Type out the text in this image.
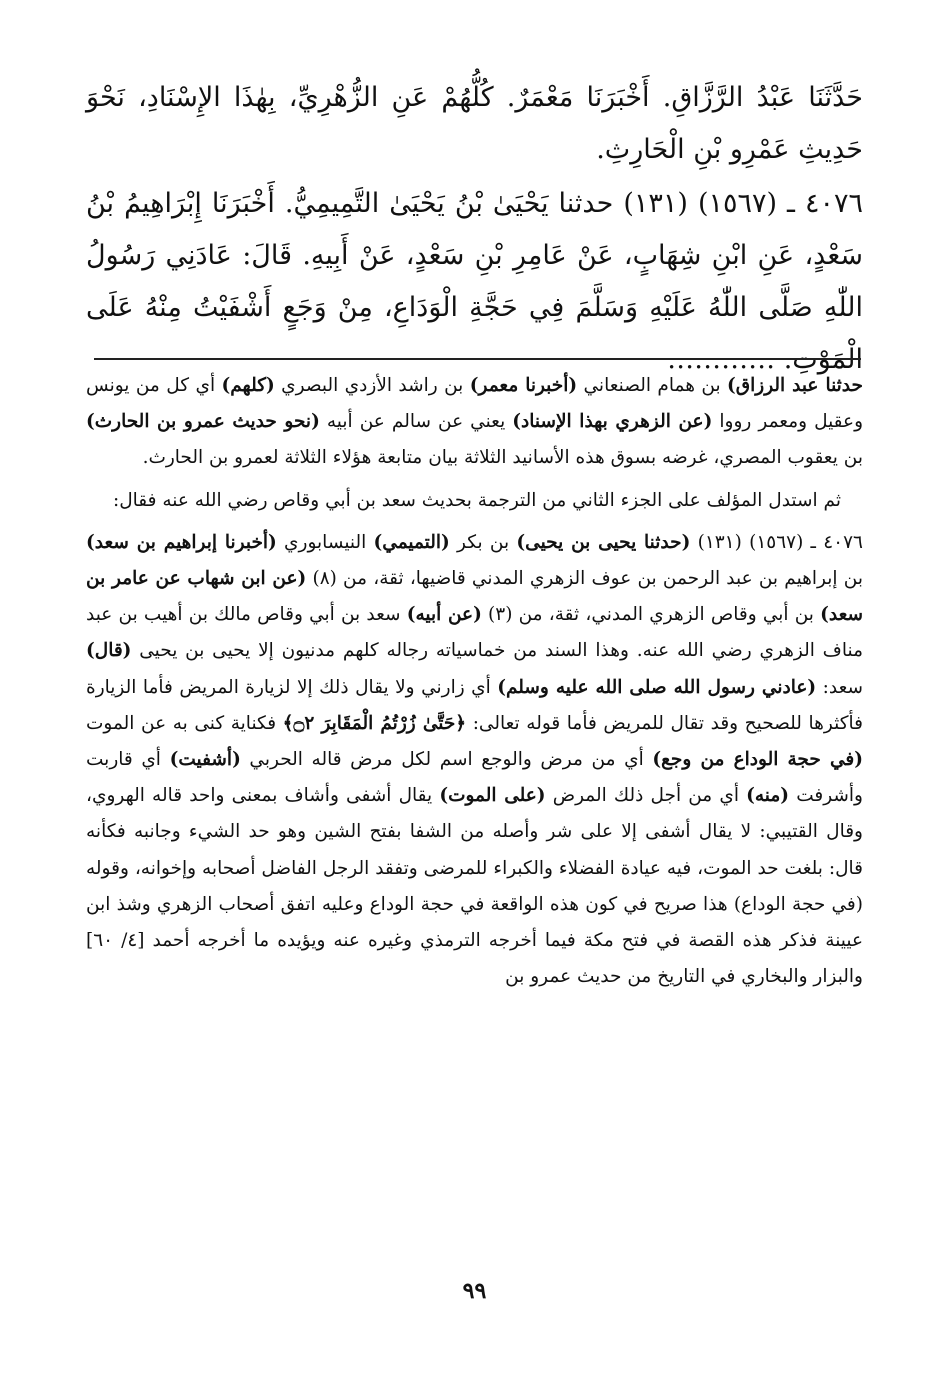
حَدَّثَنَا عَبْدُ الرَّزَّاقِ. أَخْبَرَنَا مَعْمَرٌ. كُلُّهُمْ عَنِ الزُّهْرِيِّ، بِهٰذَا الإِسْنَادِ، نَحْوَ حَدِيثِ عَمْرِو بْنِ الْحَارِثِ.

٤٠٧٦ ـ (١٥٦٧) (١٣١) حدثنا يَحْيَىٰ بْنُ يَحْيَىٰ التَّمِيمِيُّ. أَخْبَرَنَا إِبْرَاهِيمُ بْنُ سَعْدٍ، عَنِ ابْنِ شِهَابٍ، عَنْ عَامِرِ بْنِ سَعْدٍ، عَنْ أَبِيهِ. قَالَ: عَادَنِي رَسُولُ اللّٰهِ صَلَّى اللّٰهُ عَلَيْهِ وَسَلَّمَ فِي حَجَّةِ الْوَدَاعِ، مِنْ وَجَعٍ أَشْفَيْتُ مِنْهُ عَلَى الْمَوْتِ. …………

حدثنا عبد الرزاق) بن همام الصنعاني (أخبرنا معمر) بن راشد الأزدي البصري (كلهم) أي كل من يونس وعقيل ومعمر رووا (عن الزهري بهذا الإسناد) يعني عن سالم عن أبيه (نحو حديث عمرو بن الحارث) بن يعقوب المصري، غرضه بسوق هذه الأسانيد الثلاثة بيان متابعة هؤلاء الثلاثة لعمرو بن الحارث.

ثم استدل المؤلف على الجزء الثاني من الترجمة بحديث سعد بن أبي وقاص رضي الله عنه فقال:

٤٠٧٦ ـ (١٥٦٧) (١٣١) (حدثنا يحيى بن يحيى) بن بكر (التميمي) النيسابوري (أخبرنا إبراهيم بن سعد) بن إبراهيم بن عبد الرحمن بن عوف الزهري المدني قاضيها، ثقة، من (٨) (عن ابن شهاب عن عامر بن سعد) بن أبي وقاص الزهري المدني، ثقة، من (٣) (عن أبيه) سعد بن أبي وقاص مالك بن أهيب بن عبد مناف الزهري رضي الله عنه. وهذا السند من خماسياته رجاله كلهم مدنيون إلا يحيى بن يحيى (قال) سعد: (عادني رسول الله صلى الله عليه وسلم) أي زارني ولا يقال ذلك إلا لزيارة المريض فأما الزيارة فأكثرها للصحيح وقد تقال للمريض فأما قوله تعالى: ﴿حَتَّىٰ زُرْتُمُ الْمَقَابِرَ ۝٢﴾ فكناية كنى به عن الموت (في حجة الوداع من وجع) أي من مرض والوجع اسم لكل مرض قاله الحربي (أشفيت) أي قاربت وأشرفت (منه) أي من أجل ذلك المرض (على الموت) يقال أشفى وأشاف بمعنى واحد قاله الهروي، وقال القتيبي: لا يقال أشفى إلا على شر وأصله من الشفا بفتح الشين وهو حد الشيء وجانبه فكأنه قال: بلغت حد الموت، فيه عيادة الفضلاء والكبراء للمرضى وتفقد الرجل الفاضل أصحابه وإخوانه، وقوله (في حجة الوداع) هذا صريح في كون هذه الواقعة في حجة الوداع وعليه اتفق أصحاب الزهري وشذ ابن عيينة فذكر هذه القصة في فتح مكة فيما أخرجه الترمذي وغيره عنه ويؤيده ما أخرجه أحمد [٤/ ٦٠] والبزار والبخاري في التاريخ من حديث عمرو بن

٩٩
